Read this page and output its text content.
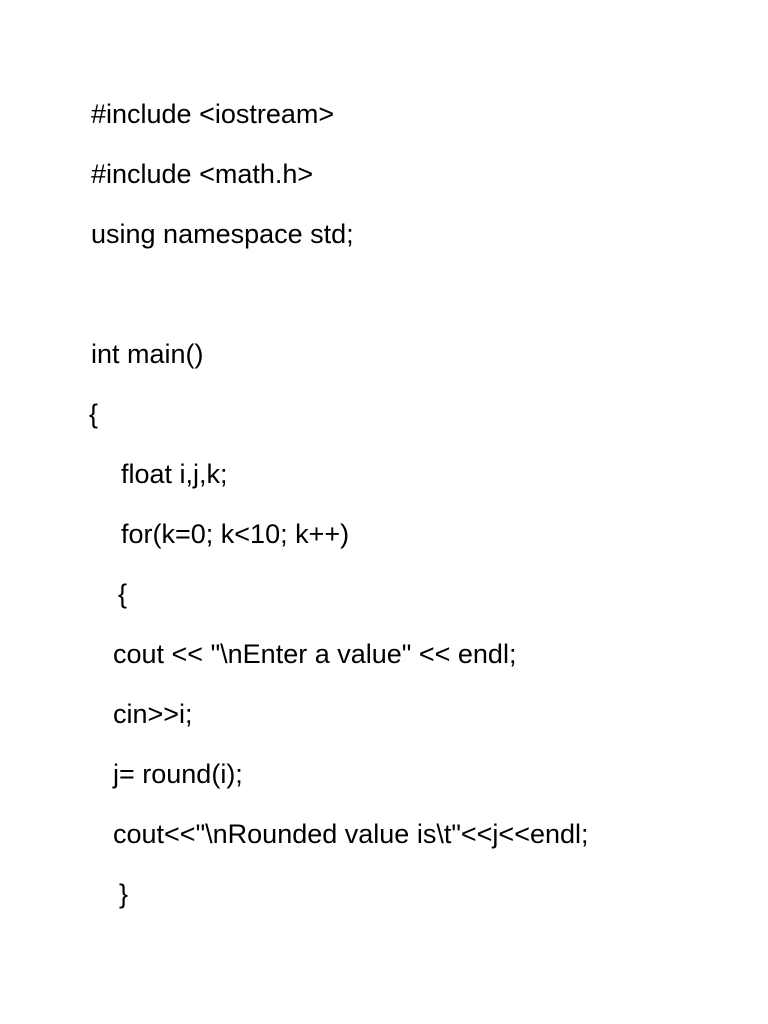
#include <iostream>

#include <math.h>

using namespace std;

int main()

{

float i,j,k;

for(k=0; k<10; k++)

{

cout << "\nEnter a value" << endl;

cin>>i;

j= round(i);

cout<<"\nRounded value is\t"<<j<<endl;

}
